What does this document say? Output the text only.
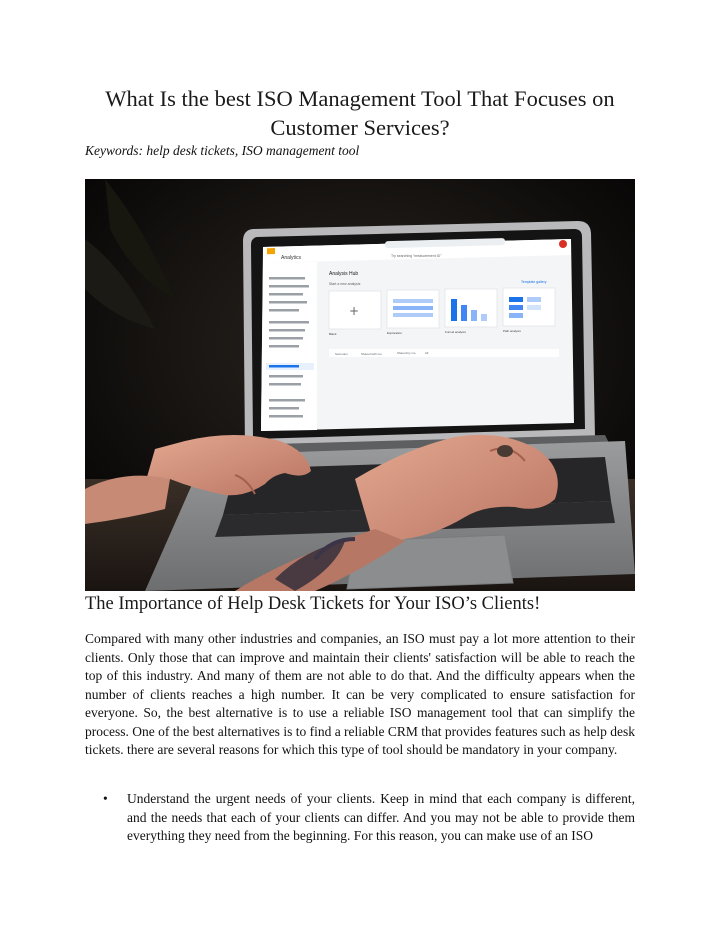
What Is the best ISO Management Tool That Focuses on Customer Services?
Keywords: help desk tickets, ISO management tool
Analytics	Try searching "measurement ID"
Analysis Hub
Start a new analysis	Template gallery
+
Blank	Exploration	Funnel analysis	Path analysis
Summary	Shared with me	Shared by me	All
The Importance of Help Desk Tickets for Your ISO’s Clients!

Compared with many other industries and companies, an ISO must pay a lot more attention to their clients. Only those that can improve and maintain their clients' satisfaction will be able to reach the top of this industry. And many of them are not able to do that. And the difficulty appears when the number of clients reaches a high number. It can be very complicated to ensure satisfaction for everyone. So, the best alternative is to use a reliable ISO management tool that can simplify the process. One of the best alternatives is to find a reliable CRM that provides features such as help desk tickets. there are several reasons for which this type of tool should be mandatory in your company.

• Understand the urgent needs of your clients. Keep in mind that each company is different, and the needs that each of your clients can differ. And you may not be able to provide them everything they need from the beginning. For this reason, you can make use of an ISO
